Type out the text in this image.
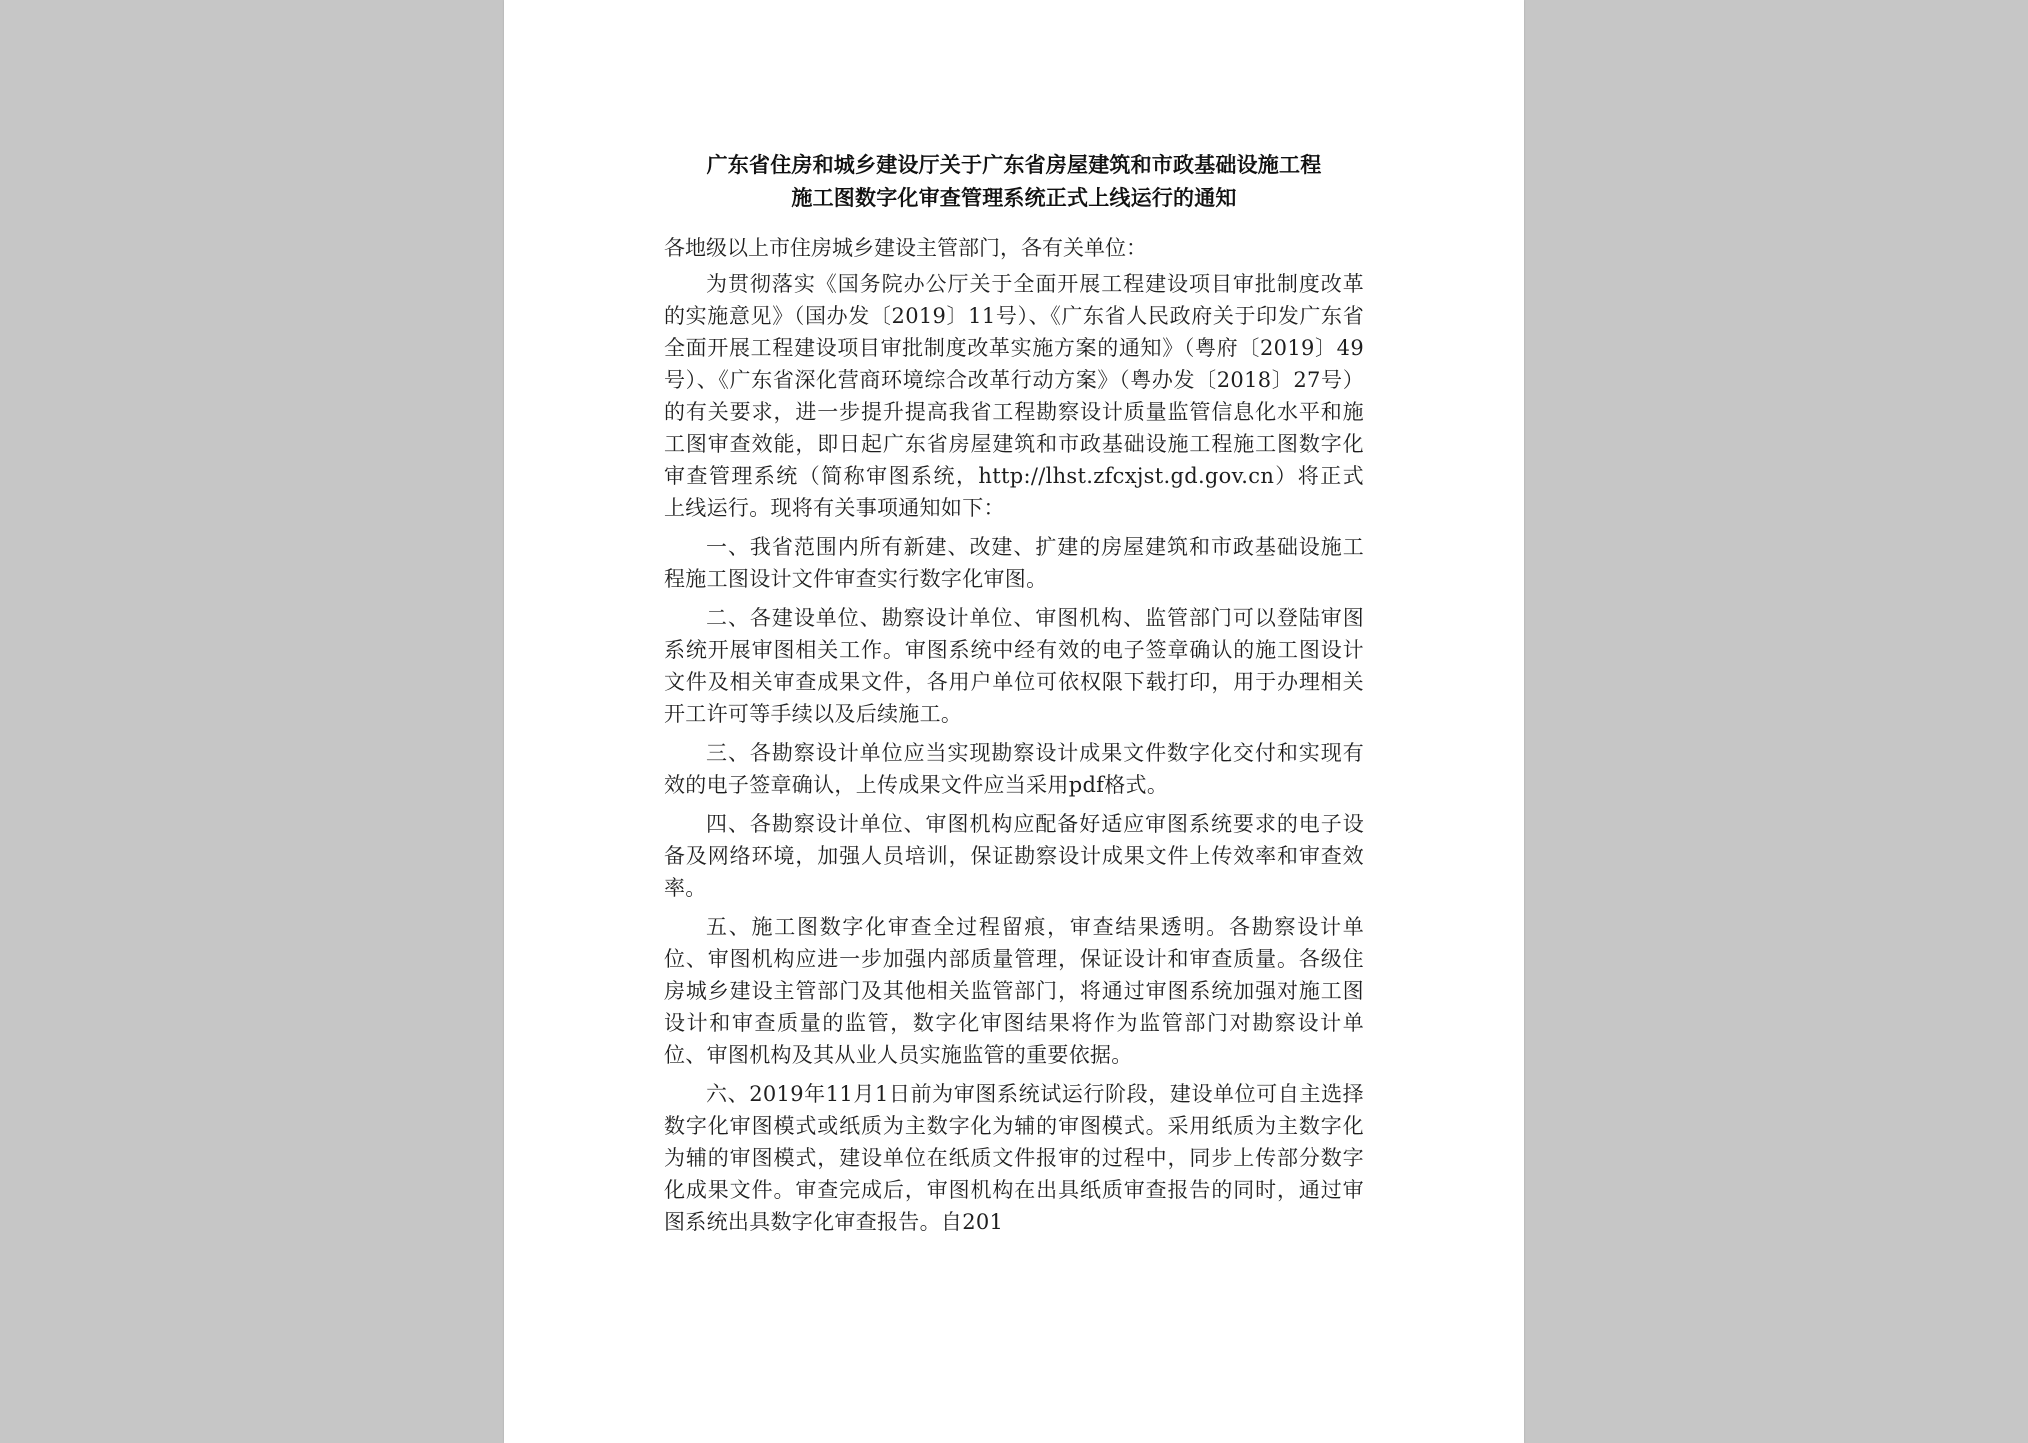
广东省住房和城乡建设厅关于广东省房屋建筑和市政基础设施工程
施工图数字化审查管理系统正式上线运行的通知

各地级以上市住房城乡建设主管部门，各有关单位：

为贯彻落实《国务院办公厅关于全面开展工程建设项目审批制度改革的实施意见》（国办发〔2019〕11号）、《广东省人民政府关于印发广东省全面开展工程建设项目审批制度改革实施方案的通知》（粤府〔2019〕49号）、《广东省深化营商环境综合改革行动方案》（粤办发〔2018〕27号）的有关要求，进一步提升提高我省工程勘察设计质量监管信息化水平和施工图审查效能，即日起广东省房屋建筑和市政基础设施工程施工图数字化审查管理系统（简称审图系统，http://lhst.zfcxjst.gd.gov.cn）将正式上线运行。现将有关事项通知如下：

一、我省范围内所有新建、改建、扩建的房屋建筑和市政基础设施工程施工图设计文件审查实行数字化审图。

二、各建设单位、勘察设计单位、审图机构、监管部门可以登陆审图系统开展审图相关工作。审图系统中经有效的电子签章确认的施工图设计文件及相关审查成果文件，各用户单位可依权限下载打印，用于办理相关开工许可等手续以及后续施工。

三、各勘察设计单位应当实现勘察设计成果文件数字化交付和实现有效的电子签章确认，上传成果文件应当采用pdf格式。

四、各勘察设计单位、审图机构应配备好适应审图系统要求的电子设备及网络环境，加强人员培训，保证勘察设计成果文件上传效率和审查效率。

五、施工图数字化审查全过程留痕，审查结果透明。各勘察设计单位、审图机构应进一步加强内部质量管理，保证设计和审查质量。各级住房城乡建设主管部门及其他相关监管部门，将通过审图系统加强对施工图设计和审查质量的监管，数字化审图结果将作为监管部门对勘察设计单位、审图机构及其从业人员实施监管的重要依据。

六、2019年11月1日前为审图系统试运行阶段，建设单位可自主选择数字化审图模式或纸质为主数字化为辅的审图模式。采用纸质为主数字化为辅的审图模式，建设单位在纸质文件报审的过程中，同步上传部分数字化成果文件。审查完成后，审图机构在出具纸质审查报告的同时，通过审图系统出具数字化审查报告。自201
